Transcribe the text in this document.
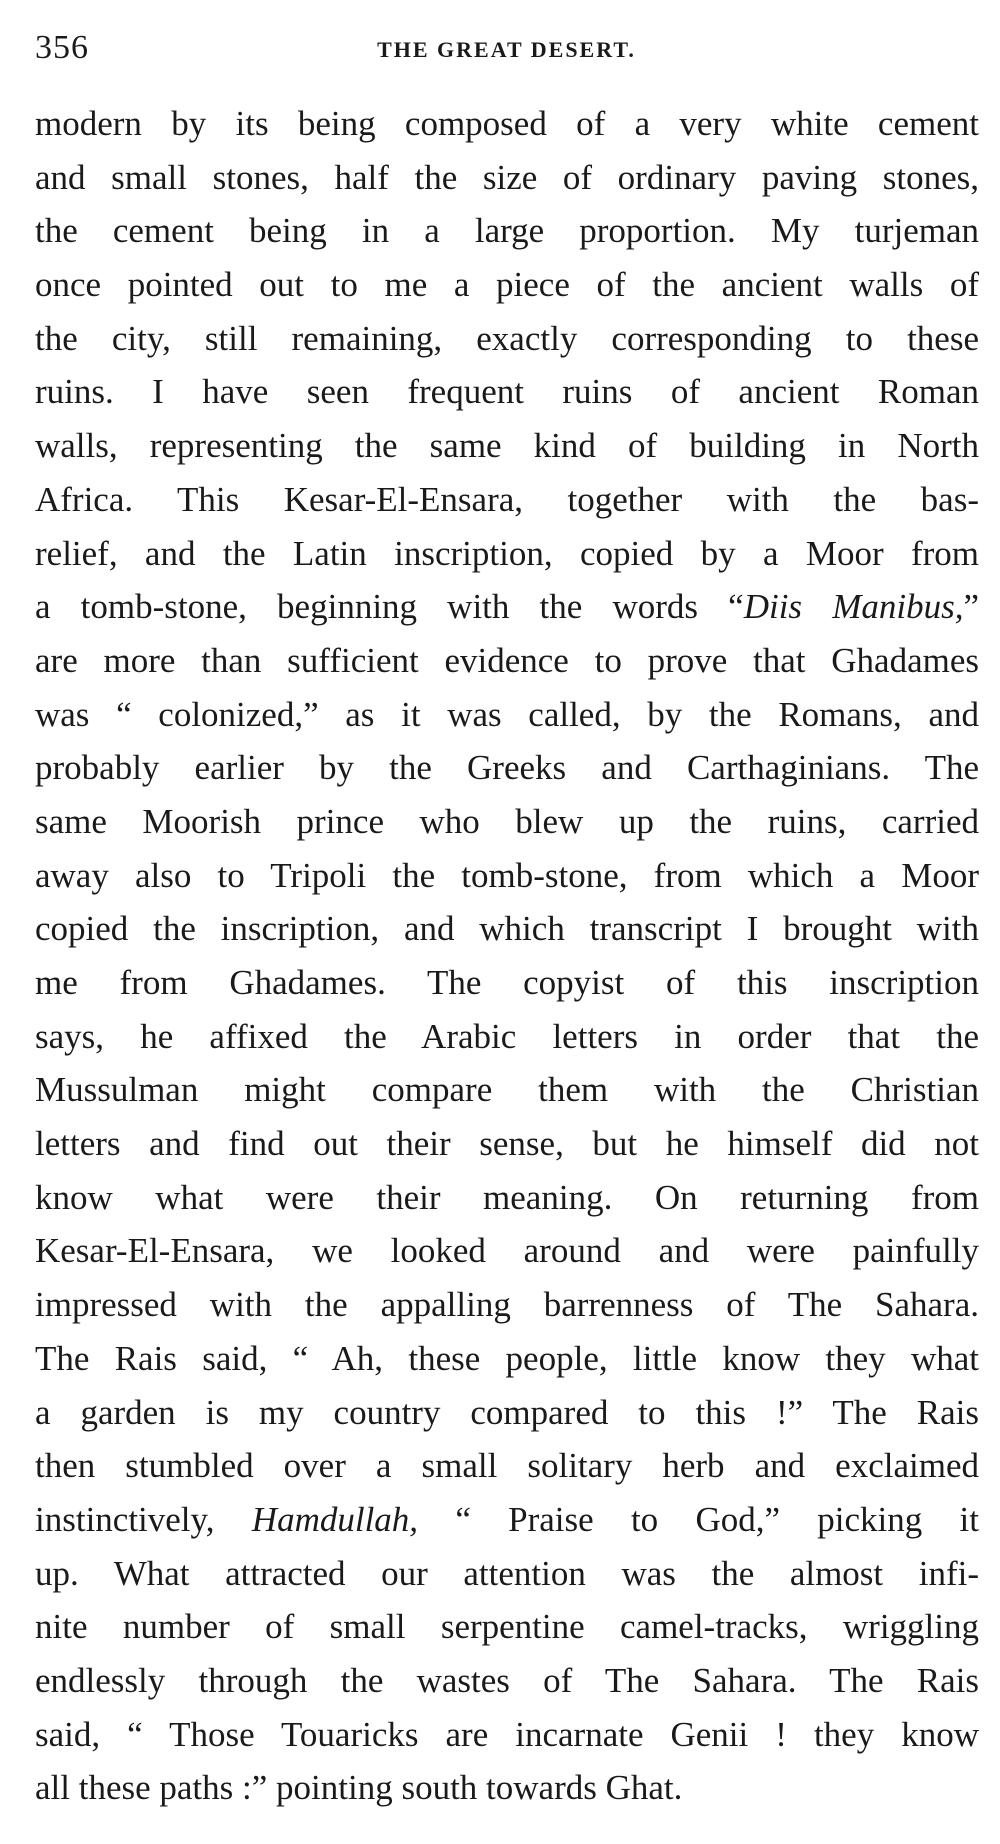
356	THE GREAT DESERT.
modern by its being composed of a very white cement
and small stones, half the size of ordinary paving stones,
the cement being in a large proportion. My turjeman
once pointed out to me a piece of the ancient walls of
the city, still remaining, exactly corresponding to these
ruins. I have seen frequent ruins of ancient Roman
walls, representing the same kind of building in North
Africa. This Kesar-El-Ensara, together with the bas-
relief, and the Latin inscription, copied by a Moor from
a tomb-stone, beginning with the words “Diis Manibus,”
are more than sufficient evidence to prove that Ghadames
was “ colonized,” as it was called, by the Romans, and
probably earlier by the Greeks and Carthaginians. The
same Moorish prince who blew up the ruins, carried
away also to Tripoli the tomb-stone, from which a Moor
copied the inscription, and which transcript I brought with
me from Ghadames. The copyist of this inscription
says, he affixed the Arabic letters in order that the
Mussulman might compare them with the Christian
letters and find out their sense, but he himself did not
know what were their meaning. On returning from
Kesar-El-Ensara, we looked around and were painfully
impressed with the appalling barrenness of The Sahara.
The Rais said, “ Ah, these people, little know they what
a garden is my country compared to this !” The Rais
then stumbled over a small solitary herb and exclaimed
instinctively, Hamdullah, “ Praise to God,” picking it
up. What attracted our attention was the almost infi-
nite number of small serpentine camel-tracks, wriggling
endlessly through the wastes of The Sahara. The Rais
said, “ Those Touaricks are incarnate Genii ! they know
all these paths :” pointing south towards Ghat.
